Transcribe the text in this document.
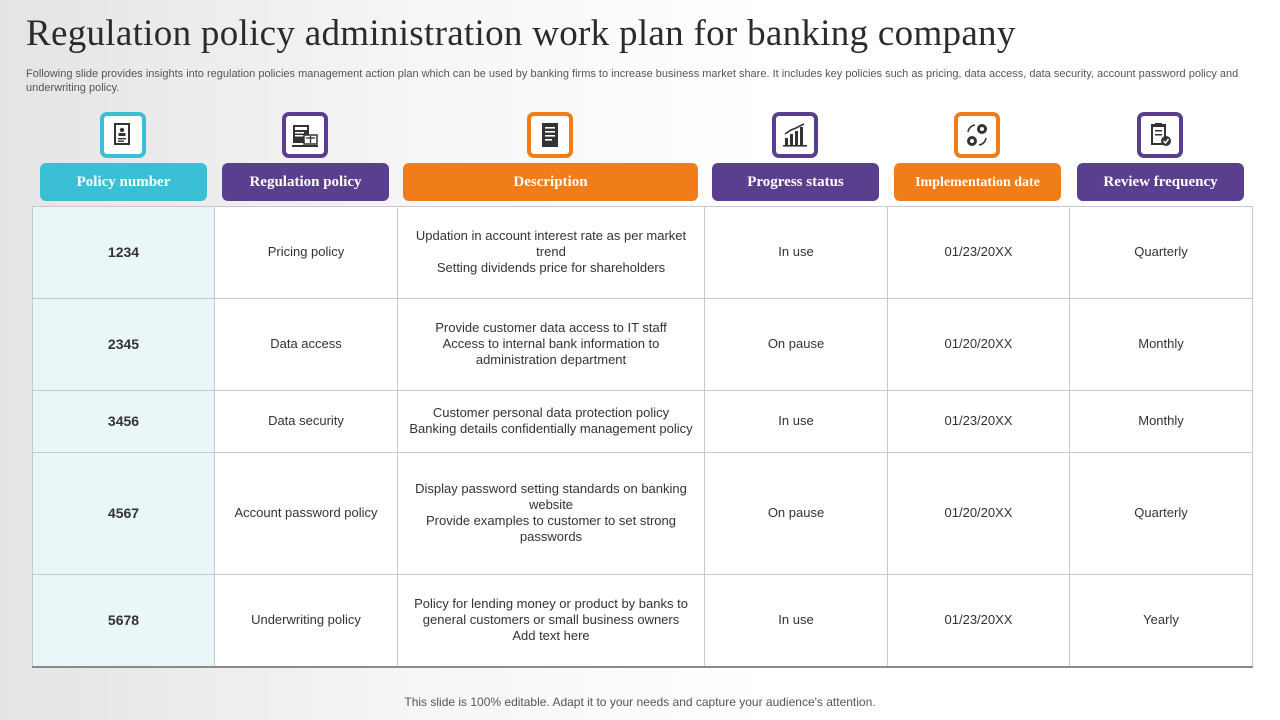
Regulation policy administration work plan for banking company

Following slide provides insights into regulation policies management action plan which can be used by banking firms to increase business market share. It includes key policies such as pricing, data access, data security, account password policy and underwriting policy.

Policy number	Regulation policy	Description	Progress status	Implementation date	Review frequency
1234	Pricing policy	Updation in account interest rate as per market trend
Setting dividends price for shareholders	In use	01/23/20XX	Quarterly
2345	Data access	Provide customer data access to IT staff
Access to internal bank information to administration department	On pause	01/20/20XX	Monthly
3456	Data security	Customer personal data protection policy
Banking details confidentially management policy	In use	01/23/20XX	Monthly
4567	Account password policy	Display password setting standards on banking website
Provide examples to customer to set strong passwords	On pause	01/20/20XX	Quarterly
5678	Underwriting policy	Policy for lending money or product by banks to general customers or small business owners
Add text here	In use	01/23/20XX	Yearly
This slide is 100% editable. Adapt it to your needs and capture your audience's attention.
